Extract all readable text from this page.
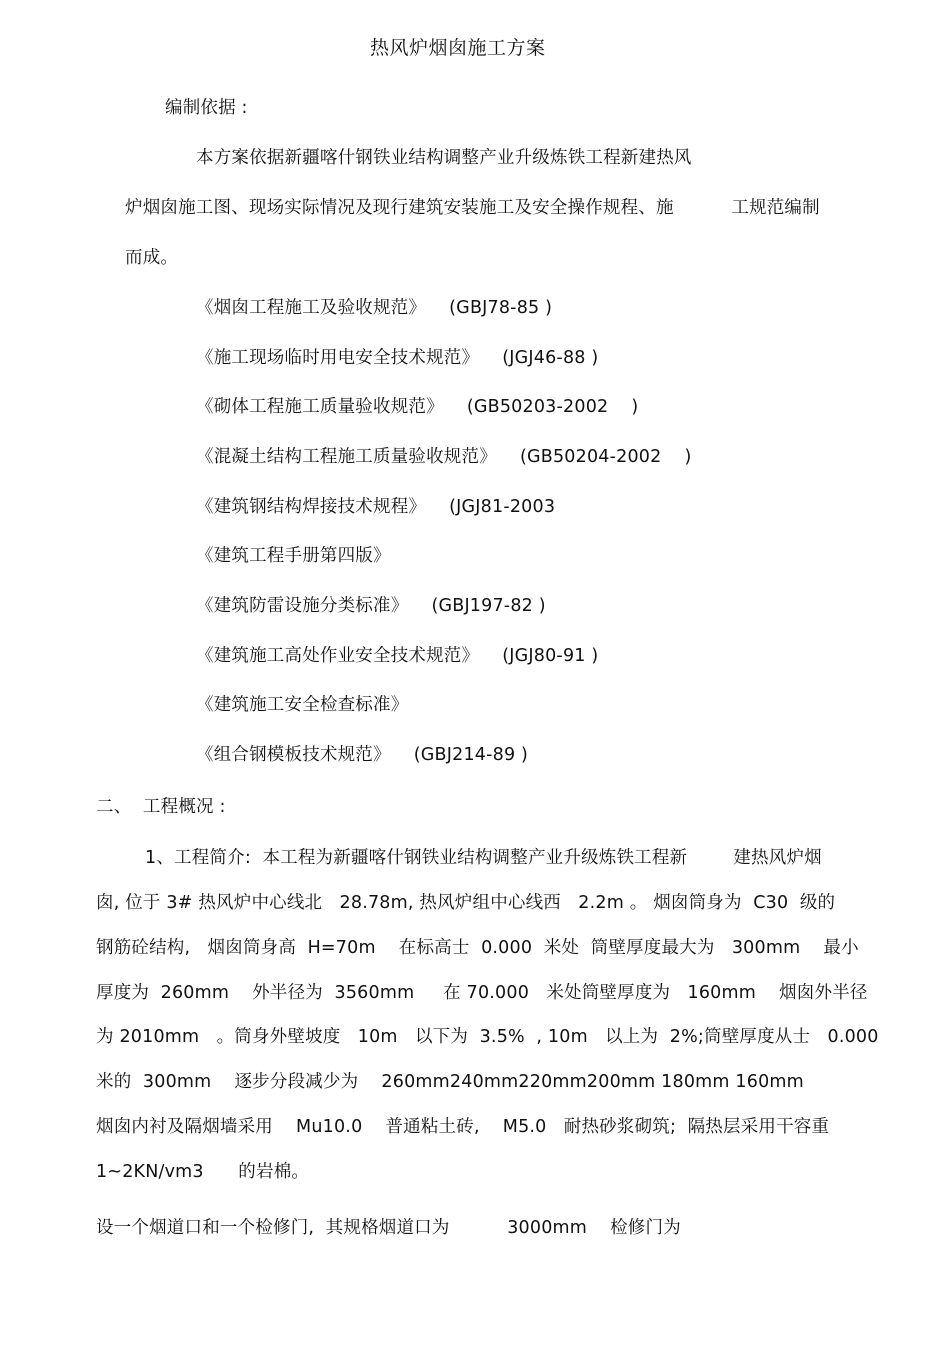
热风炉烟囱施工方案
编制依据 :
本方案依据新疆喀什钢铁业结构调整产业升级炼铁工程新建热风
炉烟囱施工图、现场实际情况及现行建筑安装施工及安全操作规程、施          工规范编制
而成。
《烟囱工程施工及验收规范》    (GBJ78-85 )
《施工现场临时用电安全技术规范》    (JGJ46-88 )
《砌体工程施工质量验收规范》    (GB50203-2002    )
《混凝土结构工程施工质量验收规范》    (GB50204-2002    )
《建筑钢结构焊接技术规程》    (JGJ81-2003
《建筑工程手册第四版》
《建筑防雷设施分类标准》    (GBJ197-82 )
《建筑施工高处作业安全技术规范》    (JGJ80-91 )
《建筑施工安全检查标准》
《组合钢模板技术规范》    (GBJ214-89 )
二、  工程概况 :
1、工程简介:  本工程为新疆喀什钢铁业结构调整产业升级炼铁工程新        建热风炉烟
囱, 位于 3# 热风炉中心线北   28.78m, 热风炉组中心线西   2.2m 。 烟囱筒身为  C30  级的
钢筋砼结构,   烟囱筒身高  H=70m    在标高士  0.000  米处  筒壁厚度最大为   300mm    最小
厚度为  260mm    外半径为  3560mm     在 70.000   米处筒壁厚度为   160mm    烟囱外半径
为 2010mm   。筒身外壁坡度   10m   以下为  3.5%  , 10m   以上为  2%;筒壁厚度从士   0.000
米的  300mm    逐步分段减少为    260mm240mm220mm200mm 180mm 160mm
烟囱内衬及隔烟墙采用    Mu10.0    普通粘土砖,    M5.0   耐热砂浆砌筑;  隔热层采用干容重
1~2KN/vm3      的岩棉。
设一个烟道口和一个检修门,  其规格烟道口为          3000mm    检修门为
